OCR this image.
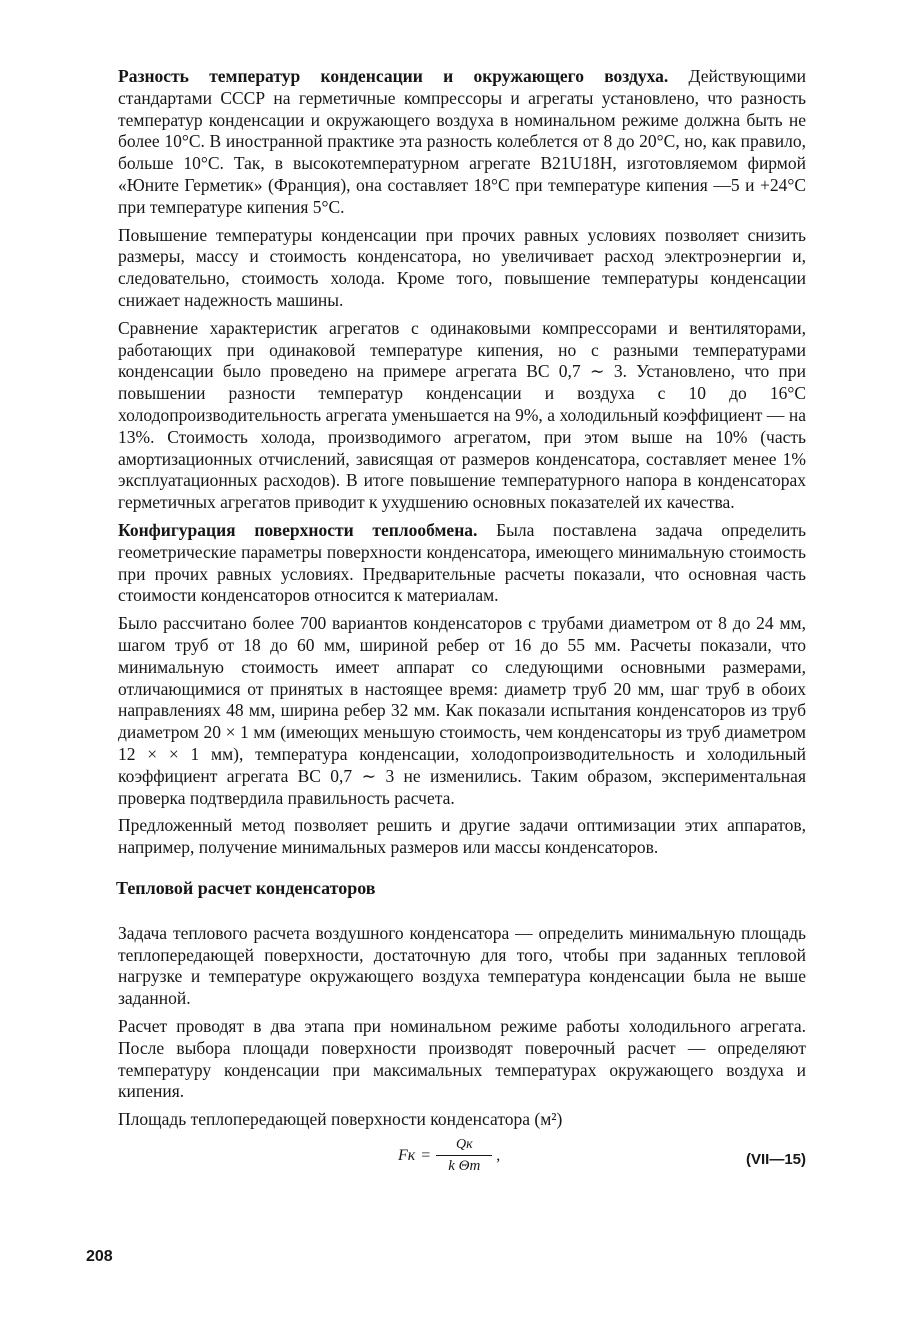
Разность температур конденсации и окружающего воздуха. Действующими стандартами СССР на герметичные компрессоры и агрегаты установлено, что разность температур конденсации и окружающего воздуха в номинальном режиме должна быть не более 10°С. В иностранной практике эта разность колеблется от 8 до 20°С, но, как правило, больше 10°С. Так, в высокотемпературном агрегате B21U18H, изготовляемом фирмой «Юните Герметик» (Франция), она составляет 18°С при температуре кипения —5 и +24°С при температуре кипения 5°С.

Повышение температуры конденсации при прочих равных условиях позволяет снизить размеры, массу и стоимость конденсатора, но увеличивает расход электроэнергии и, следовательно, стоимость холода. Кроме того, повышение температуры конденсации снижает надежность машины.

Сравнение характеристик агрегатов с одинаковыми компрессорами и вентиляторами, работающих при одинаковой температуре кипения, но с разными температурами конденсации было проведено на примере агрегата ВС 0,7 ∼ 3. Установлено, что при повышении разности температур конденсации и воздуха с 10 до 16°С холодопроизводительность агрегата уменьшается на 9%, а холодильный коэффициент — на 13%. Стоимость холода, производимого агрегатом, при этом выше на 10% (часть амортизационных отчислений, зависящая от размеров конденсатора, составляет менее 1% эксплуатационных расходов). В итоге повышение температурного напора в конденсаторах герметичных агрегатов приводит к ухудшению основных показателей их качества.

Конфигурация поверхности теплообмена. Была поставлена задача определить геометрические параметры поверхности конденсатора, имеющего минимальную стоимость при прочих равных условиях. Предварительные расчеты показали, что основная часть стоимости конденсаторов относится к материалам.

Было рассчитано более 700 вариантов конденсаторов с трубами диаметром от 8 до 24 мм, шагом труб от 18 до 60 мм, шириной ребер от 16 до 55 мм. Расчеты показали, что минимальную стоимость имеет аппарат со следующими основными размерами, отличающимися от принятых в настоящее время: диаметр труб 20 мм, шаг труб в обоих направлениях 48 мм, ширина ребер 32 мм. Как показали испытания конденсаторов из труб диаметром 20 × 1 мм (имеющих меньшую стоимость, чем конденсаторы из труб диаметром 12 × × 1 мм), температура конденсации, холодопроизводительность и холодильный коэффициент агрегата ВС 0,7 ∼ 3 не изменились. Таким образом, экспериментальная проверка подтвердила правильность расчета.

Предложенный метод позволяет решить и другие задачи оптимизации этих аппаратов, например, получение минимальных размеров или массы конденсаторов.

Тепловой расчет конденсаторов

Задача теплового расчета воздушного конденсатора — определить минимальную площадь теплопередающей поверхности, достаточную для того, чтобы при заданных тепловой нагрузке и температуре окружающего воздуха температура конденсации была не выше заданной.

Расчет проводят в два этапа при номинальном режиме работы холодильного агрегата. После выбора площади поверхности производят поверочный расчет — определяют температуру конденсации при максимальных температурах окружающего воздуха и кипения.

Площадь теплопередающей поверхности конденсатора (м²)

Fк = $\frac{Qк}{\text{k Θm}}$ ,	(VII—15)
208
